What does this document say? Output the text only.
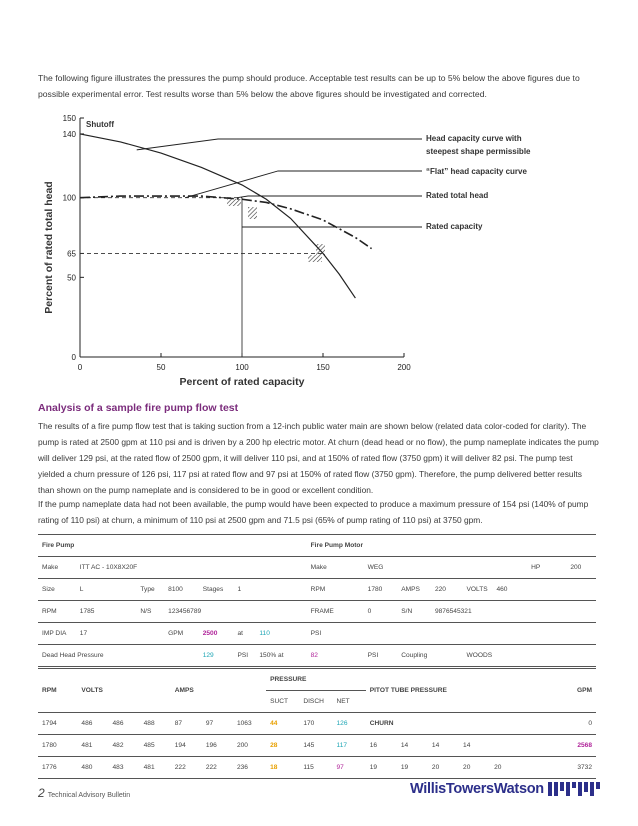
The following figure illustrates the pressures the pump should produce. Acceptable test results can be up to 5% below the above figures due to possible experimental error. Test results worse than 5% below the above figures should be investigated and corrected.
0	50	100	150	200
0
50
65
100
140
150
Percent of rated capacity
Percent of rated total head
Shutoff
Head capacity curve with
steepest shape permissible
“Flat” head capacity curve
Rated total head
Rated capacity
Analysis of a sample fire pump flow test
The results of a fire pump flow test that is taking suction from a 12-inch public water main are shown below (related data color-coded for clarity). The pump is rated at 2500 gpm at 110 psi and is driven by a 200 hp electric motor. At churn (dead head or no flow), the pump nameplate indicates the pump will deliver 129 psi, at the rated flow of 2500 gpm, it will deliver 110 psi, and at 150% of rated flow (3750 gpm) it will deliver 82 psi. The pump test yielded a churn pressure of 126 psi, 117 psi at rated flow and 97 psi at 150% of rated flow (3750 gpm). Therefore, the pump delivered better results than shown on the pump nameplate and is considered to be in good or excellent condition.
If the pump nameplate data had not been available, the pump would have been expected to produce a maximum pressure of 154 psi (140% of pump rating of 110 psi) at churn, a minimum of 110 psi at 2500 gpm and 71.5 psi (65% of pump rating of 110 psi) at 3750 gpm.
Fire Pump							Fire Pump Motor							
Make	ITT AC - 10X8X20F						Make	WEG					HP	200
Size	L	Type	8100	Stages	1		RPM	1780	AMPS	220	VOLTS	460		
RPM	1785	N/S	123456789				FRAME	0	S/N	9876545321				
IMP DIA	17		GPM	2500	at	110	PSI							
Dead Head Pressure				129	PSI	150% at	82	PSI	Coupling		WOODS			
RPM	VOLTS			AMPS			PRESSURE			PITOT TUBE PRESSURE					GPM
							SUCT	DISCH	NET						
1794	486	486	488	87	97	1063	44	170	126	CHURN					0
1780	481	482	485	194	196	200	28	145	117	16	14	14	14		2568
1776	480	483	481	222	222	236	18	115	97	19	19	20	20	20	3732
2 Technical Advisory Bulletin	WillisTowersWatson
